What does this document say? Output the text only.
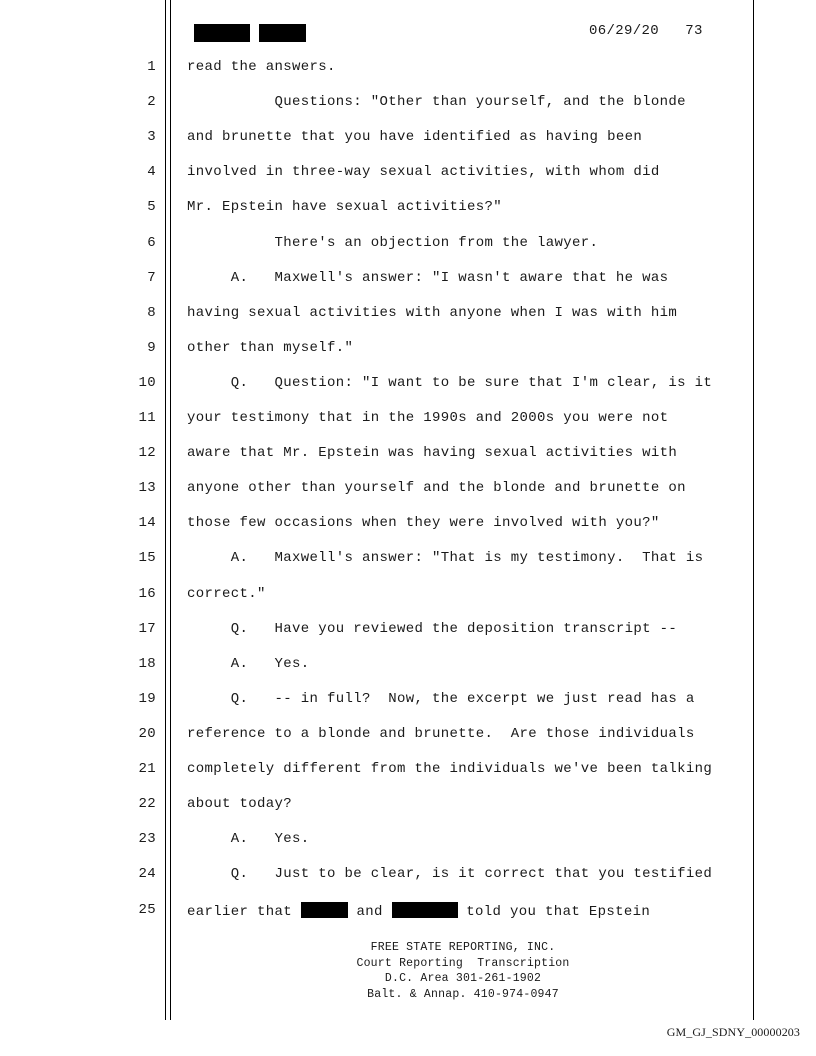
06/29/20 73
1 read the answers.
2 Questions: "Other than yourself, and the blonde
3 and brunette that you have identified as having been
4 involved in three-way sexual activities, with whom did
5 Mr. Epstein have sexual activities?"
6 There's an objection from the lawyer.
7 A.   Maxwell's answer: "I wasn't aware that he was
8 having sexual activities with anyone when I was with him
9 other than myself."
10 Q.   Question: "I want to be sure that I'm clear, is it
11 your testimony that in the 1990s and 2000s you were not
12 aware that Mr. Epstein was having sexual activities with
13 anyone other than yourself and the blonde and brunette on
14 those few occasions when they were involved with you?"
15 A.   Maxwell's answer: "That is my testimony.  That is
16 correct."
17 Q.   Have you reviewed the deposition transcript --
18 A.   Yes.
19 Q.   -- in full?  Now, the excerpt we just read has a
20 reference to a blonde and brunette.  Are those individuals
21 completely different from the individuals we've been talking
22 about today?
23 A.   Yes.
24 Q.   Just to be clear, is it correct that you testified
25 earlier that	and	told you that Epstein
FREE STATE REPORTING, INC.
Court Reporting  Transcription
D.C. Area 301-261-1902
Balt. & Annap. 410-974-0947
GM_GJ_SDNY_00000203
